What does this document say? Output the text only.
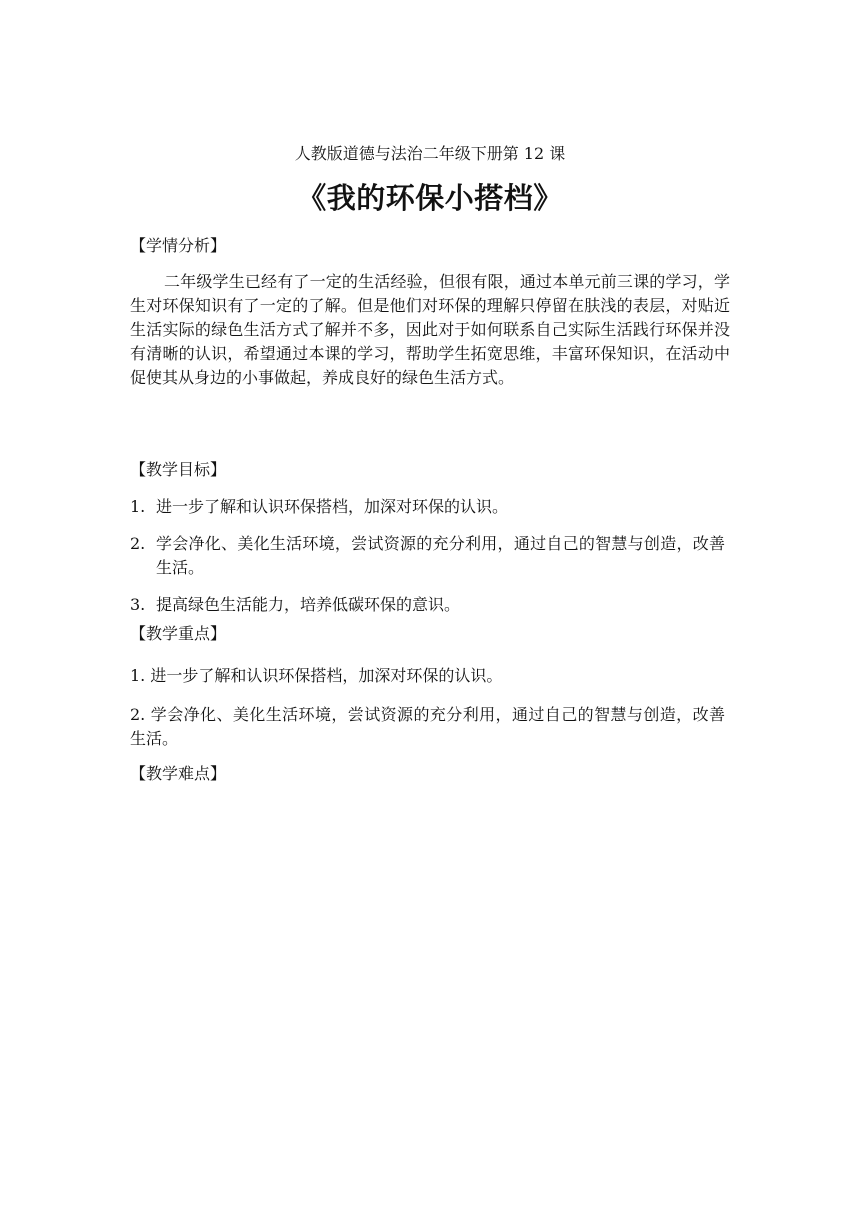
人教版道德与法治二年级下册第 12 课
《我的环保小搭档》
【学情分析】
二年级学生已经有了一定的生活经验，但很有限，通过本单元前三课的学习，学生对环保知识有了一定的了解。但是他们对环保的理解只停留在肤浅的表层，对贴近生活实际的绿色生活方式了解并不多，因此对于如何联系自己实际生活践行环保并没有清晰的认识，希望通过本课的学习，帮助学生拓宽思维，丰富环保知识，在活动中促使其从身边的小事做起，养成良好的绿色生活方式。
【教学目标】
1. 进一步了解和认识环保搭档，加深对环保的认识。
2. 学会净化、美化生活环境，尝试资源的充分利用，通过自己的智慧与创造，改善生活。
3. 提高绿色生活能力，培养低碳环保的意识。
【教学重点】
1. 进一步了解和认识环保搭档，加深对环保的认识。
2. 学会净化、美化生活环境，尝试资源的充分利用，通过自己的智慧与创造，改善生活。
【教学难点】
